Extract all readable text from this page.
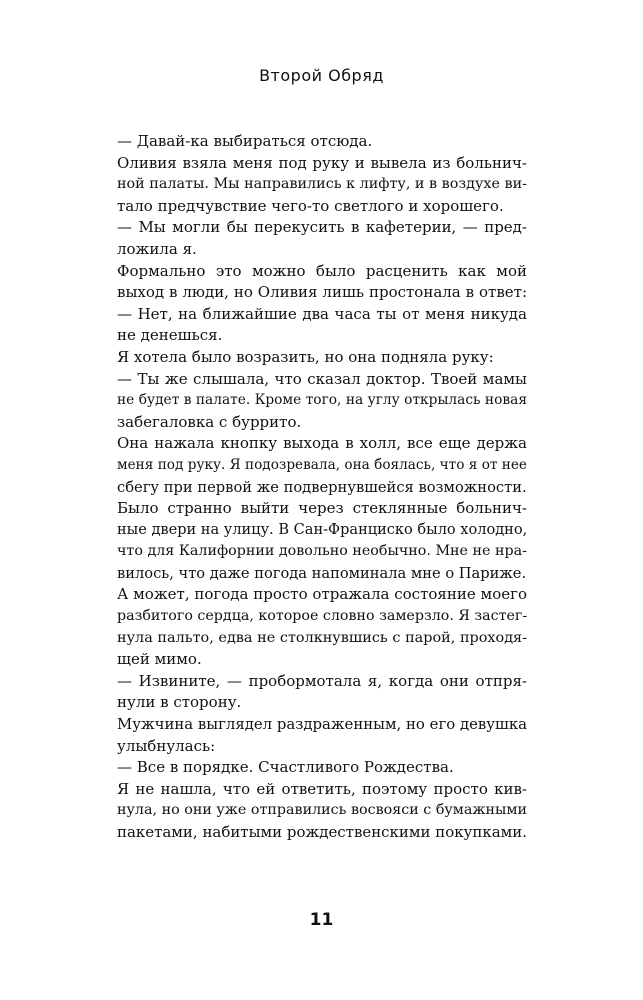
Второй Обряд
— Давай-ка выбираться отсюда.
Оливия взяла меня под руку и вывела из больнич-
ной палаты. Мы направились к лифту, и в воздухе ви-
тало предчувствие чего-то светлого и хорошего.
— Мы могли бы перекусить в кафетерии, — пред-
ложила я.
Формально это можно было расценить как мой
выход в люди, но Оливия лишь простонала в ответ:
— Нет, на ближайшие два часа ты от меня никуда
не денешься.
Я хотела было возразить, но она подняла руку:
— Ты же слышала, что сказал доктор. Твоей мамы
не будет в палате. Кроме того, на углу открылась новая
забегаловка с буррито.
Она нажала кнопку выхода в холл, все еще держа
меня под руку. Я подозревала, она боялась, что я от нее
сбегу при первой же подвернувшейся возможности.
Было странно выйти через стеклянные больнич-
ные двери на улицу. В Сан-Франциско было холодно,
что для Калифорнии довольно необычно. Мне не нра-
вилось, что даже погода напоминала мне о Париже.
А может, погода просто отражала состояние моего
разбитого сердца, которое словно замерзло. Я застег-
нула пальто, едва не столкнувшись с парой, проходя-
щей мимо.
— Извините, — пробормотала я, когда они отпря-
нули в сторону.
Мужчина выглядел раздраженным, но его девушка
улыбнулась:
— Все в порядке. Счастливого Рождества.
Я не нашла, что ей ответить, поэтому просто кив-
нула, но они уже отправились восвояси с бумажными
пакетами, набитыми рождественскими покупками.
11
